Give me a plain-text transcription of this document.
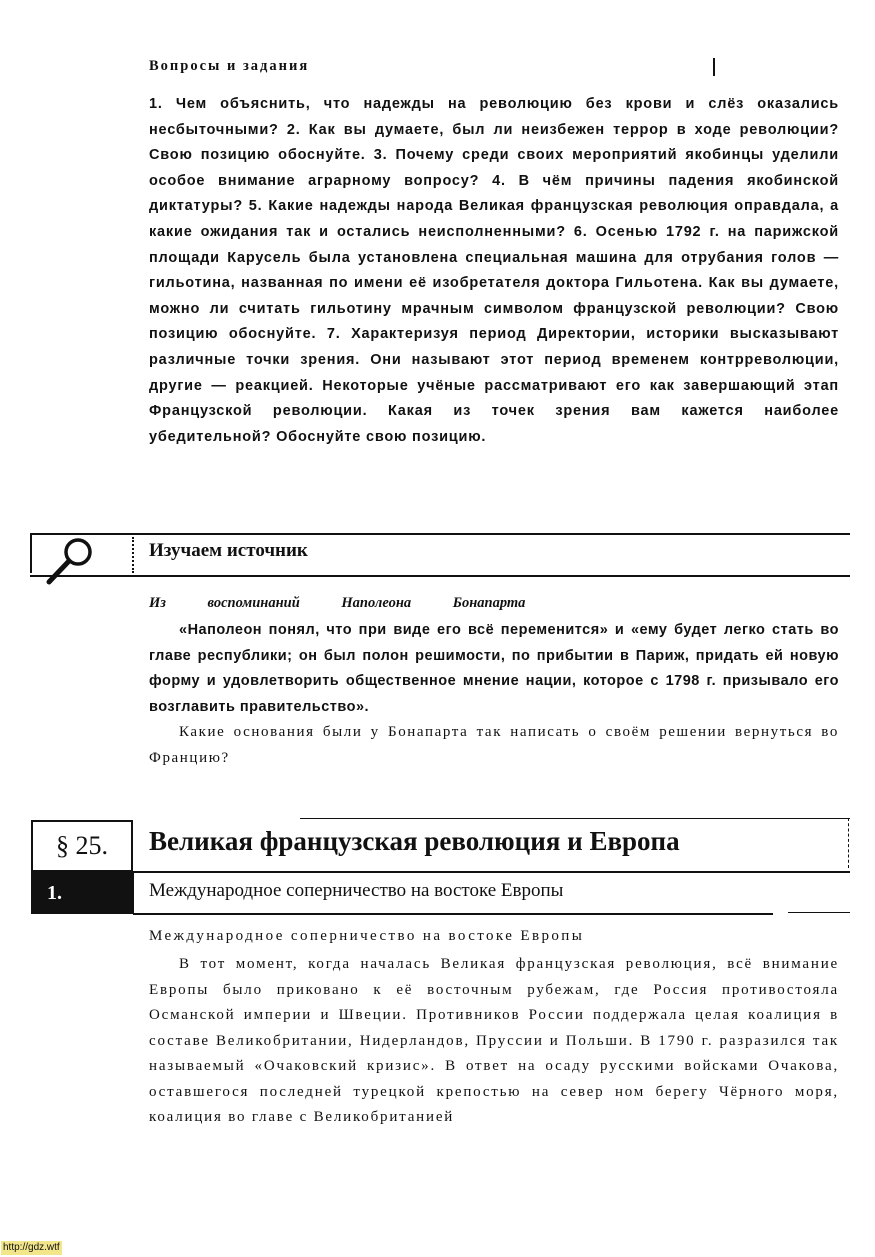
Вопросы и задания

1. Чем объяснить, что надежды на революцию без крови и слёз оказались несбыточными? 2. Как вы думаете, был ли неизбежен террор в ходе революции? Свою позицию обоснуйте. 3. Почему среди своих мероприятий якобинцы уделили особое внимание аграрному вопросу? 4. В чём причины падения якобинской диктатуры? 5. Какие надежды народа Великая французская революция оправдала, а какие ожидания так и остались неисполненными? 6. Осенью 1792 г. на парижской площади Карусель была установлена специальная машина для отрубания голов — гильотина, названная по имени её изобретателя доктора Гильотена. Как вы думаете, можно ли считать гильотину мрачным символом французской революции? Свою позицию обоснуйте. 7. Характеризуя период Директории, историки высказывают различные точки зрения. Они называют этот период временем контрреволюции, другие — реакцией. Некоторые учёные рассматривают его как завершающий этап Французской революции. Какая из точек зрения вам кажется наиболее убедительной? Обоснуйте свою позицию.

Изучаем источник
Из воспоминаний Наполеона Бонапарта

«Наполеон понял, что при виде его всё переменится» и «ему будет легко стать во главе республики; он был полон решимости, по прибытии в Париж, придать ей новую форму и удовлетворить общественное мнение нации, которое с 1798 г. призывало его возглавить правительство».

Какие основания были у Бонапарта так написать о своём решении вернуться во Францию?

§ 25.	Великая французская революция и Европа
1.	Международное соперничество на востоке Европы
Международное соперничество на востоке Европы

В тот момент, когда началась Великая французская революция, всё внимание Европы было приковано к её восточным рубежам, где Россия противостояла Османской империи и Швеции. Противников России поддержала целая коалиция в составе Великобритании, Нидерландов, Пруссии и Польши. В 1790 г. разразился так называемый «Очаковский кризис». В ответ на осаду русскими войсками Очакова, оставшегося последней турецкой крепостью на север ном берегу Чёрного моря, коалиция во главе с Великобританией

http://gdz.wtf
